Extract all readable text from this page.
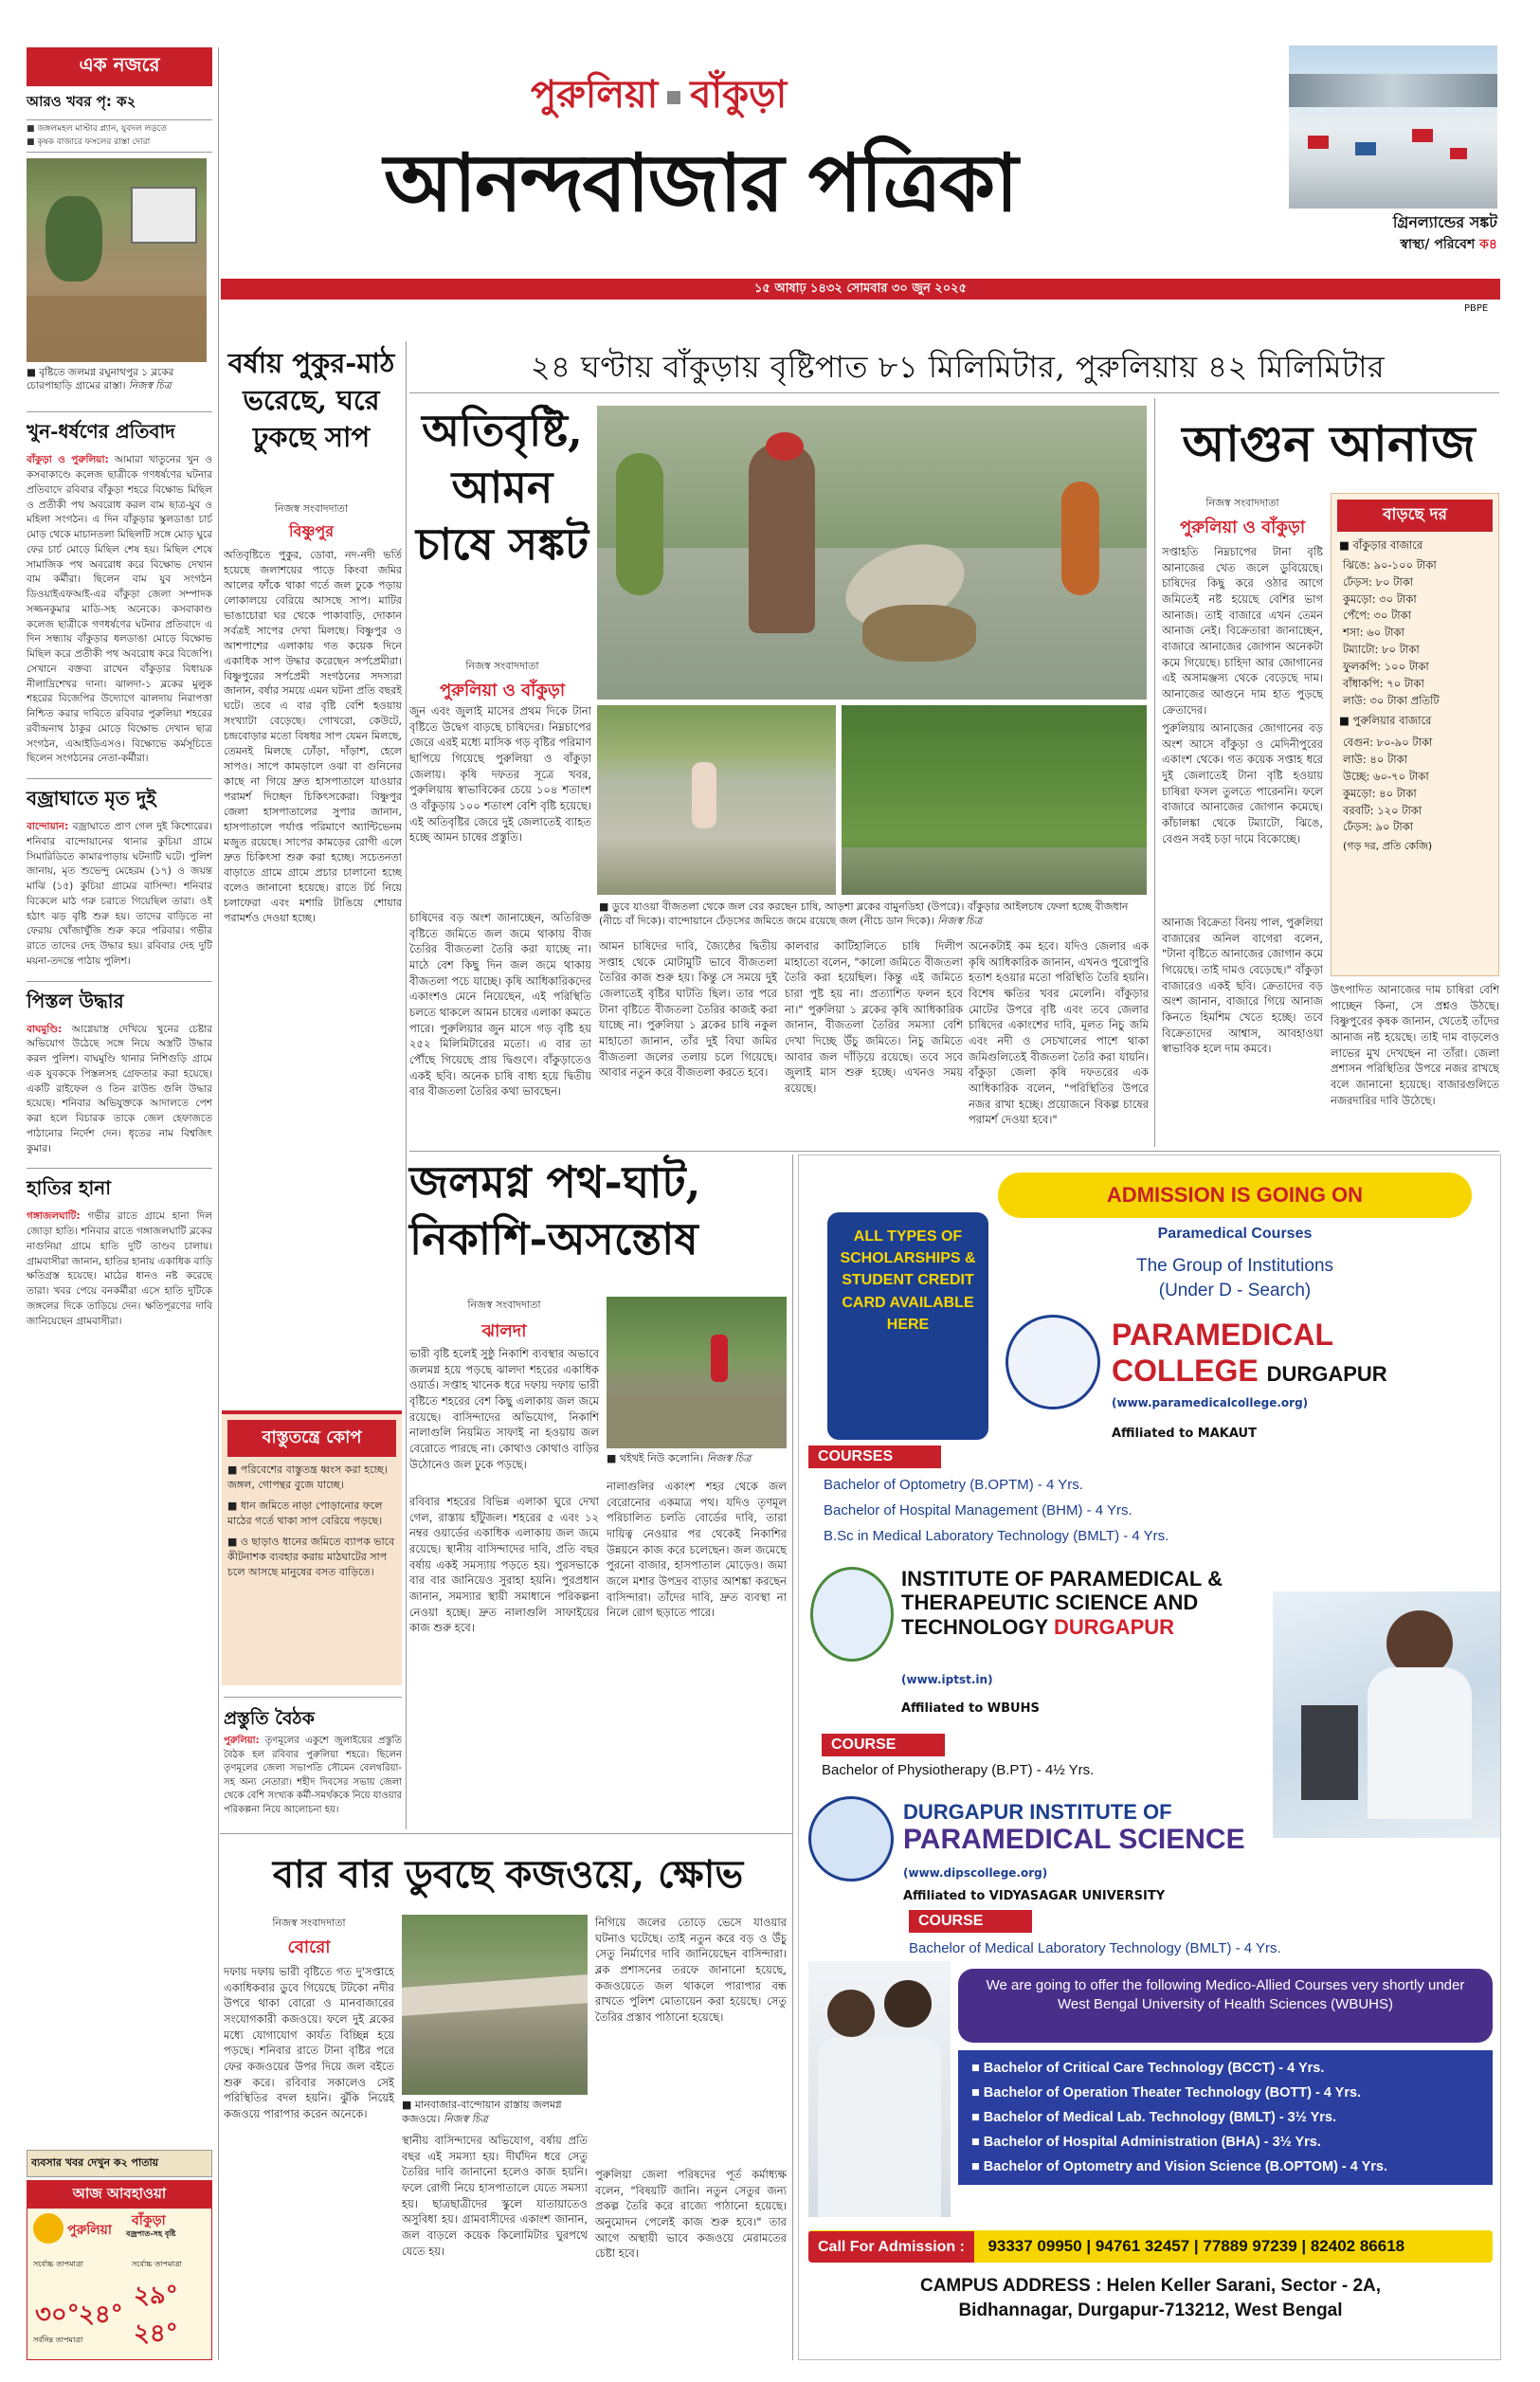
এক নজরে
আরও খবর পৃ: ক২
■ জঙ্গলমহল মাস্টার প্ল্যান, যুবদল লড়তে
■ কৃষক বাজারে ফসলের রাস্তা দোরা
■ বৃষ্টিতে জলমগ্ন রঘুনাথপুর ১ ব্লকের চোরপাহাড়ি গ্রামের রাস্তা। নিজস্ব চিত্র
খুন-ধর্ষণের প্রতিবাদ
বাঁকুড়া ও পুরুলিয়া: আমারা খাতুনের খুন ও কসবাকাণ্ডে কলেজ ছাত্রীকে গণধর্ষণের ঘটনার প্রতিবাদে রবিবার বাঁকুড়া শহরে বিক্ষোভ মিছিল ও প্রতীকী পথ অবরোধ করল বাম ছাত্র-যুব ও মহিলা সংগঠন। এ দিন বাঁকুড়ার স্কুলডাঙা চার্চ মোড় থেকে মাচানতলা মিছিলটি সঙ্গে মোড় ঘুরে ফের চার্চ মোড়ে মিছিল শেষ হয়। মিছিল শেষে সামাজিক পথ অবরোধ করে বিক্ষোভ দেখান বাম কর্মীরা। ছিলেন বাম যুব সংগঠন ডিওয়াইএফআই-এর বাঁকুড়া জেলা সম্পাদক সজ্জনকুমার মাডি-সহ অনেকে। কসবাকাণ্ড কলেজ ছাত্রীকে গণধর্ষণের ঘটনার প্রতিবাদে এ দিন সন্ধ্যায় বাঁকুড়ার ধলডাঙা মোড়ে বিক্ষোভ মিছিল করে প্রতীকী পথ অবরোধ করে বিজেপি। সেখানে বক্তব্য রাখেন বাঁকুড়ার বিধায়ক নীলাদ্রিশেখর দানা। ঝালদা-১ ব্লকের মুলুক শহরের বিজেপির উদ্যোগে ঝালদায় নিরাপত্তা নিশ্চিত করার দাবিতে রবিবার পুরুলিয়া শহরের রবীন্দ্রনাথ ঠাকুর মোড়ে বিক্ষোভ দেখান ছাত্র সংগঠন, এআইডিএসও। বিক্ষোভে কর্মসূচিতে ছিলেন সংগঠনের নেতা-কর্মীরা।
বজ্রাঘাতে মৃত দুই
বান্দোয়ান: বজ্রাঘাতে প্রাণ গেল দুই কিশোরের। শনিবার বান্দোয়ানের থানার কুচিয়া গ্রামে সিমারিডিতে কামারপাড়ায় ঘটনাটি ঘটে। পুলিশ জানায়, মৃত শুভেন্দু মেহেরম (১৭) ও জয়ন্ত মাঝি (১৫) কুচিয়া গ্রামের বাসিন্দা। শনিবার বিকেলে মাঠ গরু চরাতে গিয়েছিল তারা। ওই হঠাৎ ঝড় বৃষ্টি শুরু হয়। তাদের বাড়িতে না ফেরায় খোঁজাখুঁজি শুরু করে পরিবার। গভীর রাতে তাদের দেহ উদ্ধার হয়। রবিবার দেহ দুটি ময়না-তদন্তে পাঠায় পুলিশ।
পিস্তল উদ্ধার
বাঘমুণ্ডি: আগ্নেয়াস্ত্র দেখিয়ে খুনের চেষ্টার অভিযোগ উঠেছে সঙ্গে নিয়ে অস্ত্রটি উদ্ধার করল পুলিশ। বাঘমুণ্ডি থানার নিশিগুড়ি গ্রামে এক যুবককে পিস্তলসহ গ্রেফতার করা হয়েছে। একটি রাইফেল ও তিন রাউন্ড গুলি উদ্ধার হয়েছে। শনিবার অভিযুক্তকে আদালতে পেশ করা হলে বিচারক তাকে জেল হেফাজতে পাঠানোর নির্দেশ দেন। ধৃতের নাম বিশ্বজিৎ কুমার।
হাতির হানা
গঙ্গাজলঘাটি: গভীর রাতে গ্রামে হানা দিল জোড়া হাতি। শনিবার রাতে গঙ্গাজলঘাটি ব্লকের নাগুনিয়া গ্রামে হাতি দুটি তাণ্ডব চালায়। গ্রামবাসীরা জানান, হাতির হানায় একাধিক বাড়ি ক্ষতিগ্রস্ত হয়েছে। মাঠের ধানও নষ্ট করেছে তারা। খবর পেয়ে বনকর্মীরা এসে হাতি দুটিকে জঙ্গলের দিকে তাড়িয়ে দেন। ক্ষতিপূরণের দাবি জানিয়েছেন গ্রামবাসীরা।
ব্যবসার খবর দেখুন ক২ পাতায়
আজ আবহাওয়া
পুরুলিয়া
বাঁকুড়া
বজ্রপাত-সহ বৃষ্টি
সর্বোচ্চ তাপমাত্রা	সর্বোচ্চ তাপমাত্রা
৩০° ২৪°
২৯°
২৪°
সর্বনিম্ন তাপমাত্রা
পুরুলিয়া বাঁকুড়া
আনন্দবাজার পত্রিকা	গ্রিনল্যান্ডের সঙ্কট
স্বাস্থ্য/ পরিবেশ ক৪
১৫ আষাঢ় ১৪৩২ সোমবার ৩০ জুন ২০২৫
PBPE
বর্ষায় পুকুর-মাঠ ভরেছে, ঘরে ঢুকছে সাপ
নিজস্ব সংবাদদাতা
বিষ্ণুপুর
অতিবৃষ্টিতে পুকুর, ডোবা, নদ-নদী ভর্তি হয়েছে জলাশয়ের পাড়ে কিংবা জমির আলের ফাঁকে থাকা গর্তে জল ঢুকে পড়ায় লোকালয়ে বেরিয়ে আসছে সাপ। মাটির ভাঙাচোরা ঘর থেকে পাকাবাড়ি, দোকান সর্বত্রই সাপের দেখা মিলছে। বিষ্ণুপুর ও আশপাশের এলাকায় গত কয়েক দিনে একাধিক সাপ উদ্ধার করেছেন সর্পপ্রেমীরা। বিষ্ণুপুরের সর্পপ্রেমী সংগঠনের সদস্যরা জানান, বর্ষার সময়ে এমন ঘটনা প্রতি বছরই ঘটে। তবে এ বার বৃষ্টি বেশি হওয়ায় সংখ্যাটা বেড়েছে। গোখরো, কেউটে, চন্দ্রবোড়ার মতো বিষধর সাপ যেমন মিলছে, তেমনই মিলছে ঢোঁড়া, দাঁড়াশ, হেলে সাপও। সাপে কামড়ালে ওঝা বা গুনিনের কাছে না গিয়ে দ্রুত হাসপাতালে যাওয়ার পরামর্শ দিচ্ছেন চিকিৎসকেরা। বিষ্ণুপুর জেলা হাসপাতালের সুপার জানান, হাসপাতালে পর্যাপ্ত পরিমাণে অ্যান্টিভেনম মজুত রয়েছে। সাপের কামড়ের রোগী এলে দ্রুত চিকিৎসা শুরু করা হচ্ছে। সচেতনতা বাড়াতে গ্রামে গ্রামে প্রচার চালানো হচ্ছে বলেও জানানো হয়েছে। রাতে টর্চ নিয়ে চলাফেরা এবং মশারি টাঙিয়ে শোয়ার পরামর্শও দেওয়া হচ্ছে।
বাস্তুতন্ত্রে কোপ
■ পরিবেশের বাস্তুতন্ত্র ধ্বংস করা হচ্ছে। জঙ্গল, গোপন্থর বুজে যাচ্ছে।
■ ধান জমিতে নাড়া পোড়ানোর ফলে মাঠের গর্তে থাকা সাপ বেরিয়ে পড়ছে।
■ ও ছাড়াও ধানের জমিতে ব্যাপক ভাবে কীটনাশক ব্যবহার করায় মাঠঘাটের সাপ চলে আসছে মানুষের বসত বাড়িতে।
প্রস্তুতি বৈঠক
পুরুলিয়া: তৃণমূলের একুশে জুলাইয়ের প্রস্তুতি বৈঠক হল রবিবার পুরুলিয়া শহরে। ছিলেন তৃণমূলের জেলা সভাপতি সৌমেন বেলথরিয়া-সহ অন্য নেতারা। শহীদ দিবসের সভায় জেলা থেকে বেশি সংখ্যক কর্মী-সমর্থককে নিয়ে যাওয়ার পরিকল্পনা নিয়ে আলোচনা হয়।
২৪ ঘণ্টায় বাঁকুড়ায় বৃষ্টিপাত ৮১ মিলিমিটার, পুরুলিয়ায় ৪২ মিলিমিটার
অতিবৃষ্টি, আমন চাষে সঙ্কট
নিজস্ব সংবাদদাতা
পুরুলিয়া ও বাঁকুড়া
■ ডুবে যাওয়া বীজতলা থেকে জল বের করছেন চাষি, আড়শা ব্লকের বামুনডিহা (উপরে)। বাঁকুড়ার আইলচাষ ফেলা হচ্ছে বীজধান (নীচে বাঁ দিকে)। বান্দোয়ানে ঢেঁড়সের জমিতে জমে রয়েছে জল (নীচে ডান দিকে)। নিজস্ব চিত্র
জুন এবং জুলাই মাসের প্রথম দিকে টানা বৃষ্টিতে উদ্বেগ বাড়ছে চাষিদের। নিম্নচাপের জেরে এরই মধ্যে মাসিক গড় বৃষ্টির পরিমাণ ছাপিয়ে গিয়েছে পুরুলিয়া ও বাঁকুড়া জেলায়। কৃষি দফতর সূত্রে খবর, পুরুলিয়ায় স্বাভাবিকের চেয়ে ১০৪ শতাংশ ও বাঁকুড়ায় ১০০ শতাংশ বেশি বৃষ্টি হয়েছে। এই অতিবৃষ্টির জেরে দুই জেলাতেই ব্যাহত হচ্ছে আমন চাষের প্রস্তুতি।
চাষিদের বড় অংশ জানাচ্ছেন, অতিরিক্ত বৃষ্টিতে জমিতে জল জমে থাকায় বীজ তৈরির বীজতলা তৈরি করা যাচ্ছে না। মাঠে বেশ কিছু দিন জল জমে থাকায় বীজতলা পচে যাচ্ছে। কৃষি আধিকারিকদের একাংশও মেনে নিয়েছেন, এই পরিস্থিতি চলতে থাকলে আমন চাষের এলাকা কমতে পারে। পুরুলিয়ার জুন মাসে গড় বৃষ্টি হয় ২৫২ মিলিমিটারের মতো। এ বার তা পৌঁছে গিয়েছে প্রায় দ্বিগুণে। বাঁকুড়াতেও একই ছবি। অনেক চাষি বাধ্য হয়ে দ্বিতীয় বার বীজতলা তৈরির কথা ভাবছেন।
আমন চাষিদের দাবি, জ্যৈষ্ঠের দ্বিতীয় সপ্তাহ থেকে মোটামুটি ভাবে বীজতলা তৈরির কাজ শুরু হয়। কিন্তু সে সময়ে দুই জেলাতেই বৃষ্টির ঘাটতি ছিল। তার পরে টানা বৃষ্টিতে বীজতলা তৈরির কাজই করা যাচ্ছে না। পুরুলিয়া ১ ব্লকের চাষি নকুল মাহাতো জানান, তাঁর দুই বিঘা জমির বীজতলা জলের তলায় চলে গিয়েছে। আবার নতুন করে বীজতলা করতে হবে।
কালবার কাটিহালিতে চাষি দিলীপ মাহাতো বলেন, "কালো জমিতে বীজতলা তৈরি করা হয়েছিল। কিন্তু এই জমিতে চারা পুষ্ট হয় না। প্রত্যাশিত ফলন হবে না।" পুরুলিয়া ১ ব্লকের কৃষি আধিকারিক জানান, বীজতলা তৈরির সমস্যা বেশি দেখা দিচ্ছে উঁচু জমিতে। নিচু জমিতে আবার জল দাঁড়িয়ে রয়েছে। তবে সবে জুলাই মাস শুরু হচ্ছে। এখনও সময় রয়েছে।
অনেকটাই কম হবে। যদিও জেলার এক কৃষি আধিকারিক জানান, এখনও পুরোপুরি হতাশ হওয়ার মতো পরিস্থিতি তৈরি হয়নি। বিশেষ ক্ষতির খবর মেলেনি। বাঁকুড়ার মোটের উপরে বৃষ্টি এবং তবে জেলার চাষিদের একাংশের দাবি, মূলত নিচু জমি এবং নদী ও সেচখালের পাশে থাকা জমিগুলিতেই বীজতলা তৈরি করা যায়নি। বাঁকুড়া জেলা কৃষি দফতরের এক আধিকারিক বলেন, "পরিস্থিতির উপরে নজর রাখা হচ্ছে। প্রয়োজনে বিকল্প চাষের পরামর্শ দেওয়া হবে।"
আগুন আনাজ
নিজস্ব সংবাদদাতা
পুরুলিয়া ও বাঁকুড়া
সপ্তাহতি নিম্নচাপের টানা বৃষ্টি আনাজের খেত জলে ডুবিয়েছে। চাষিদের কিছু করে ওঠার আগে জমিতেই নষ্ট হয়েছে বেশির ভাগ আনাজ। তাই বাজারে এখন তেমন আনাজ নেই। বিক্রেতারা জানাচ্ছেন, বাজারে আনাজের জোগান অনেকটা কমে গিয়েছে। চাহিদা আর জোগানের এই অসামঞ্জস্য থেকে বেড়েছে দাম। আনাজের আগুনে দাম হাত পুড়ছে ক্রেতাদের।
পুরুলিয়ায় আনাজের জোগানের বড় অংশ আসে বাঁকুড়া ও মেদিনীপুরের একাংশ থেকে। গত কয়েক সপ্তাহ ধরে দুই জেলাতেই টানা বৃষ্টি হওয়ায় চাষিরা ফসল তুলতে পারেননি। ফলে বাজারে আনাজের জোগান কমেছে। কাঁচালঙ্কা থেকে টম্যাটো, ঝিঙে, বেগুন সবই চড়া দামে বিকোচ্ছে।
আনাজ বিক্রেতা বিনয় পাল, পুরুলিয়া বাজারের অনিল বাগেরা বলেন, "টানা বৃষ্টিতে আনাজের জোগান কমে গিয়েছে। তাই দামও বেড়েছে।" বাঁকুড়া বাজারেও একই ছবি। ক্রেতাদের বড় অংশ জানান, বাজারে গিয়ে আনাজ কিনতে হিমশিম খেতে হচ্ছে। তবে বিক্রেতাদের আশ্বাস, আবহাওয়া স্বাভাবিক হলে দাম কমবে।
উৎপাদিত আনাজের দাম চাষিরা বেশি পাচ্ছেন কিনা, সে প্রশ্নও উঠছে। বিষ্ণুপুরের কৃষক জানান, খেতেই তাঁদের আনাজ নষ্ট হয়েছে। তাই দাম বাড়লেও লাভের মুখ দেখছেন না তাঁরা। জেলা প্রশাসন পরিস্থিতির উপরে নজর রাখছে বলে জানানো হয়েছে। বাজারগুলিতে নজরদারির দাবি উঠেছে।
বাড়ছে দর
■ বাঁকুড়ার বাজারে
ঝিঙে: ৯০-১০০ টাকা
ঢেঁড়স: ৮০ টাকা
কুমড়ো: ৩০ টাকা
পেঁপে: ৩০ টাকা
শসা: ৬০ টাকা
টম্যাটো: ৮০ টাকা
ফুলকপি: ১০০ টাকা
বাঁধাকপি: ৭০ টাকা
লাউ: ৩০ টাকা প্রতিটি
■ পুরুলিয়ার বাজারে
বেগুন: ৮০-৯০ টাকা
লাউ: ৪০ টাকা
উচ্ছে: ৬০-৭০ টাকা
কুমড়ো: ৪০ টাকা
বরবটি: ১২০ টাকা
ঢেঁড়স: ৯০ টাকা
(গড় দর, প্রতি কেজি)
জলমগ্ন পথ-ঘাট, নিকাশি-অসন্তোষ
নিজস্ব সংবাদদাতা
ঝালদা
ভারী বৃষ্টি হলেই সুষ্ঠু নিকাশি ব্যবস্থার অভাবে জলমগ্ন হয়ে পড়ছে ঝালদা শহরের একাধিক ওয়ার্ড। সপ্তাহ খানেক ধরে দফায় দফায় ভারী বৃষ্টিতে শহরের বেশ কিছু এলাকায় জল জমে রয়েছে। বাসিন্দাদের অভিযোগ, নিকাশি নালাগুলি নিয়মিত সাফাই না হওয়ায় জল বেরোতে পারছে না। কোথাও কোথাও বাড়ির উঠোনেও জল ঢুকে পড়ছে।	■ থইথই নিউ কলোনি। নিজস্ব চিত্র
রবিবার শহরের বিভিন্ন এলাকা ঘুরে দেখা গেল, রাস্তায় হাঁটুজল। শহরের ৫ এবং ১২ নম্বর ওয়ার্ডের একাধিক এলাকায় জল জমে রয়েছে। স্থানীয় বাসিন্দাদের দাবি, প্রতি বছর বর্ষায় একই সমস্যায় পড়তে হয়। পুরসভাকে বার বার জানিয়েও সুরাহা হয়নি। পুরপ্রধান জানান, সমস্যার স্থায়ী সমাধানে পরিকল্পনা নেওয়া হচ্ছে। দ্রুত নালাগুলি সাফাইয়ের কাজ শুরু হবে।
নালাগুলির একাংশ শহর থেকে জল বেরোনোর একমাত্র পথ। যদিও তৃণমূল পরিচালিত চলতি বোর্ডের দাবি, তারা দায়িত্ব নেওয়ার পর থেকেই নিকাশির উন্নয়নে কাজ করে চলেছেন। জল জমেছে পুরনো বাজার, হাসপাতাল মোড়েও। জমা জলে মশার উপদ্রব বাড়ার আশঙ্কা করছেন বাসিন্দারা। তাঁদের দাবি, দ্রুত ব্যবস্থা না নিলে রোগ ছড়াতে পারে।
বার বার ডুবছে কজওয়ে, ক্ষোভ
নিজস্ব সংবাদদাতা
বোরো
দফায় দফায় ভারী বৃষ্টিতে গত দু'সপ্তাহে একাধিকবার ডুবে গিয়েছে টটকো নদীর উপরে থাকা বোরো ও মানবাজারের সংযোগকারী কজওয়ে। ফলে দুই ব্লকের মধ্যে যোগাযোগ কার্যত বিচ্ছিন্ন হয়ে পড়ছে। শনিবার রাতে টানা বৃষ্টির পরে ফের কজওয়ের উপর দিয়ে জল বইতে শুরু করে। রবিবার সকালেও সেই পরিস্থিতির বদল হয়নি। ঝুঁকি নিয়েই কজওয়ে পারাপার করেন অনেকে।
■ মানবাজার-বান্দোয়ান রাস্তায় জলমগ্ন কজওয়ে। নিজস্ব চিত্র
স্থানীয় বাসিন্দাদের অভিযোগ, বর্ষায় প্রতি বছর এই সমস্যা হয়। দীর্ঘদিন ধরে সেতু তৈরির দাবি জানানো হলেও কাজ হয়নি। ফলে রোগী নিয়ে হাসপাতালে যেতে সমস্যা হয়। ছাত্রছাত্রীদের স্কুলে যাতায়াতেও অসুবিধা হয়। গ্রামবাসীদের একাংশ জানান, জল বাড়লে কয়েক কিলোমিটার ঘুরপথে যেতে হয়।
নিগিয়ে জলের তোড়ে ভেসে যাওয়ার ঘটনাও ঘটেছে। তাই নতুন করে বড় ও উঁচু সেতু নির্মাণের দাবি জানিয়েছেন বাসিন্দারা। ব্লক প্রশাসনের তরফে জানানো হয়েছে, কজওয়েতে জল থাকলে পারাপার বন্ধ রাখতে পুলিশ মোতায়েন করা হয়েছে। সেতু তৈরির প্রস্তাব পাঠানো হয়েছে।
পুরুলিয়া জেলা পরিষদের পূর্ত কর্মাধ্যক্ষ বলেন, "বিষয়টি জানি। নতুন সেতুর জন্য প্রকল্প তৈরি করে রাজ্যে পাঠানো হয়েছে। অনুমোদন পেলেই কাজ শুরু হবে।" তার আগে অস্থায়ী ভাবে কজওয়ে মেরামতের চেষ্টা হবে।
ALL TYPES OF SCHOLARSHIPS & STUDENT CREDIT CARD AVAILABLE HERE
ADMISSION IS GOING ON
Paramedical Courses
The Group of Institutions
(Under D - Search)
PARAMEDICAL
COLLEGE DURGAPUR
(www.paramedicalcollege.org)
Affiliated to MAKAUT
COURSES
Bachelor of Optometry (B.OPTM) - 4 Yrs.
Bachelor of Hospital Management (BHM) - 4 Yrs.
B.Sc in Medical Laboratory Technology (BMLT) - 4 Yrs.
INSTITUTE OF PARAMEDICAL & THERAPEUTIC SCIENCE AND TECHNOLOGY DURGAPUR
(www.iptst.in)
Affiliated to WBUHS
COURSE
Bachelor of Physiotherapy (B.PT) - 4½ Yrs.
DURGAPUR INSTITUTE OF
PARAMEDICAL SCIENCE
(www.dipscollege.org)
Affiliated to VIDYASAGAR UNIVERSITY
COURSE
Bachelor of Medical Laboratory Technology (BMLT) - 4 Yrs.
We are going to offer the following Medico-Allied Courses very shortly under West Bengal University of Health Sciences (WBUHS)
■ Bachelor of Critical Care Technology (BCCT) - 4 Yrs.
■ Bachelor of Operation Theater Technology (BOTT) - 4 Yrs.
■ Bachelor of Medical Lab. Technology (BMLT) - 3½ Yrs.
■ Bachelor of Hospital Administration (BHA) - 3½ Yrs.
■ Bachelor of Optometry and Vision Science (B.OPTOM) - 4 Yrs.
Call For Admission : 93337 09950 | 94761 32457 | 77889 97239 | 82402 86618
CAMPUS ADDRESS : Helen Keller Sarani, Sector - 2A,
Bidhannagar, Durgapur-713212, West Bengal
